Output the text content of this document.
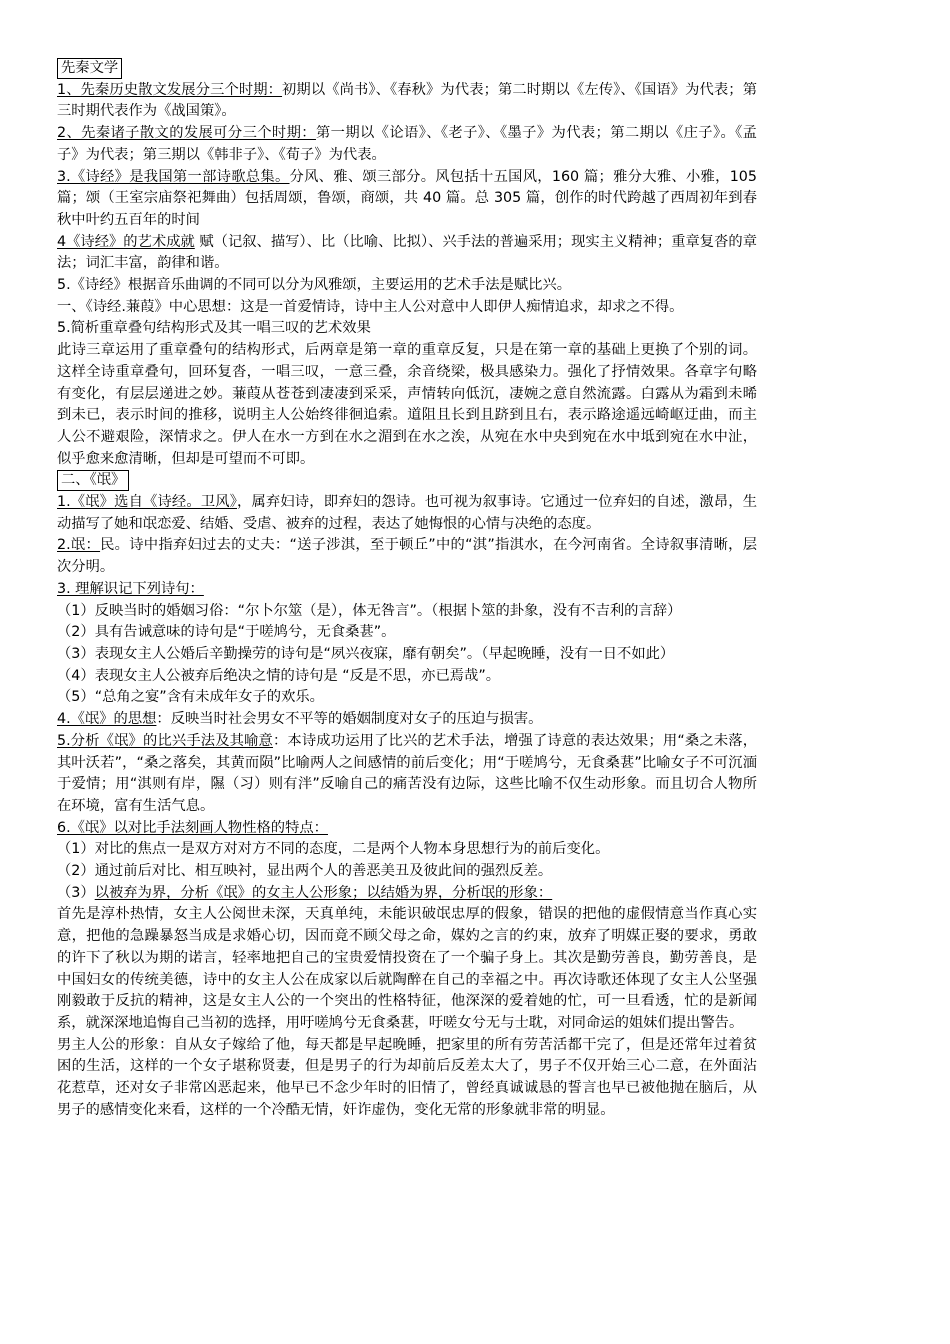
先秦文学

1、先秦历史散文发展分三个时期：初期以《尚书》、《春秋》为代表；第二时期以《左传》、《国语》为代表；第三时期代表作为《战国策》。

2、先秦诸子散文的发展可分三个时期：第一期以《论语》、《老子》、《墨子》为代表；第二期以《庄子》。《孟子》为代表；第三期以《韩非子》、《荀子》为代表。

3.《诗经》是我国第一部诗歌总集。分风、雅、颂三部分。风包括十五国风，160 篇；雅分大雅、小雅，105 篇；颂（王室宗庙祭祀舞曲）包括周颂，鲁颂，商颂，共 40 篇。总 305 篇，创作的时代跨越了西周初年到春秋中叶约五百年的时间

4《诗经》的艺术成就 赋（记叙、描写）、比（比喻、比拟）、兴手法的普遍采用；现实主义精神；重章复沓的章法；词汇丰富，韵律和谐。

5.《诗经》根据音乐曲调的不同可以分为风雅颂，主要运用的艺术手法是赋比兴。

一、《诗经.蒹葭》中心思想：这是一首爱情诗，诗中主人公对意中人即伊人痴情追求，却求之不得。

5.简析重章叠句结构形式及其一唱三叹的艺术效果

此诗三章运用了重章叠句的结构形式，后两章是第一章的重章反复，只是在第一章的基础上更换了个别的词。这样全诗重章叠句，回环复沓，一唱三叹，一意三叠，余音绕梁，极具感染力。强化了抒情效果。各章字句略有变化，有层层递进之妙。蒹葭从苍苍到凄凄到采采，声情转向低沉，凄婉之意自然流露。白露从为霜到未晞到未已，表示时间的推移，说明主人公始终徘徊追索。道阻且长到且跻到且右，表示路途遥远崎岖迂曲，而主人公不避艰险，深情求之。伊人在水一方到在水之湄到在水之涘，从宛在水中央到宛在水中坻到宛在水中沚，似乎愈来愈清晰，但却是可望而不可即。

二、《氓》

1.《氓》选自《诗经。卫风》，属弃妇诗，即弃妇的怨诗。也可视为叙事诗。它通过一位弃妇的自述，激昂，生动描写了她和氓恋爱、结婚、受虐、被弃的过程，表达了她悔恨的心情与决绝的态度。

2.氓：民。诗中指弃妇过去的丈夫：“送子涉淇，至于顿丘”中的“淇”指淇水，在今河南省。全诗叙事清晰，层次分明。

3. 理解识记下列诗句：

（1）反映当时的婚姻习俗：“尔卜尔筮（是），体无咎言”。（根据卜筮的卦象，没有不吉利的言辞）

（2）具有告诫意味的诗句是“于嗟鸠兮，无食桑葚”。

（3）表现女主人公婚后辛勤操劳的诗句是“夙兴夜寐，靡有朝矣”。（早起晚睡，没有一日不如此）

（4）表现女主人公被弃后绝决之情的诗句是 “反是不思，亦已焉哉”。

（5）“总角之宴”含有未成年女子的欢乐。

4.《氓》的思想：反映当时社会男女不平等的婚姻制度对女子的压迫与损害。

5.分析《氓》的比兴手法及其喻意：本诗成功运用了比兴的艺术手法，增强了诗意的表达效果；用“桑之未落，其叶沃若”，“桑之落矣，其黄而陨”比喻两人之间感情的前后变化；用“于嗟鸠兮，无食桑葚”比喻女子不可沉湎于爱情；用“淇则有岸，隰（习）则有泮”反喻自己的痛苦没有边际，这些比喻不仅生动形象。而且切合人物所在环境，富有生活气息。

6.《氓》以对比手法刻画人物性格的特点：

（1）对比的焦点一是双方对对方不同的态度，二是两个人物本身思想行为的前后变化。

（2）通过前后对比、相互映衬，显出两个人的善恶美丑及彼此间的强烈反差。

（3）以被弃为界，分析《氓》的女主人公形象；以结婚为界，分析氓的形象：

首先是淳朴热情，女主人公阅世未深，天真单纯，未能识破氓忠厚的假象，错误的把他的虚假情意当作真心实意，把他的急躁暴怒当成是求婚心切，因而竟不顾父母之命，媒妁之言的约束，放弃了明媒正娶的要求，勇敢的许下了秋以为期的诺言，轻率地把自己的宝贵爱情投资在了一个骗子身上。其次是勤劳善良，勤劳善良，是中国妇女的传统美德，诗中的女主人公在成家以后就陶醉在自己的幸福之中。再次诗歌还体现了女主人公坚强刚毅敢于反抗的精神，这是女主人公的一个突出的性格特征，他深深的爱着她的忙，可一旦看透，忙的是新闻系，就深深地追悔自己当初的选择，用吁嗟鸠兮无食桑葚，吁嗟女兮无与士耽，对同命运的姐妹们提出警告。

男主人公的形象：自从女子嫁给了他，每天都是早起晚睡，把家里的所有劳苦活都干完了，但是还常年过着贫困的生活，这样的一个女子堪称贤妻，但是男子的行为却前后反差太大了，男子不仅开始三心二意，在外面沾花惹草，还对女子非常凶恶起来，他早已不念少年时的旧情了，曾经真诚诚恳的誓言也早已被他抛在脑后，从男子的感情变化来看，这样的一个冷酷无情，奸诈虚伪，变化无常的形象就非常的明显。
